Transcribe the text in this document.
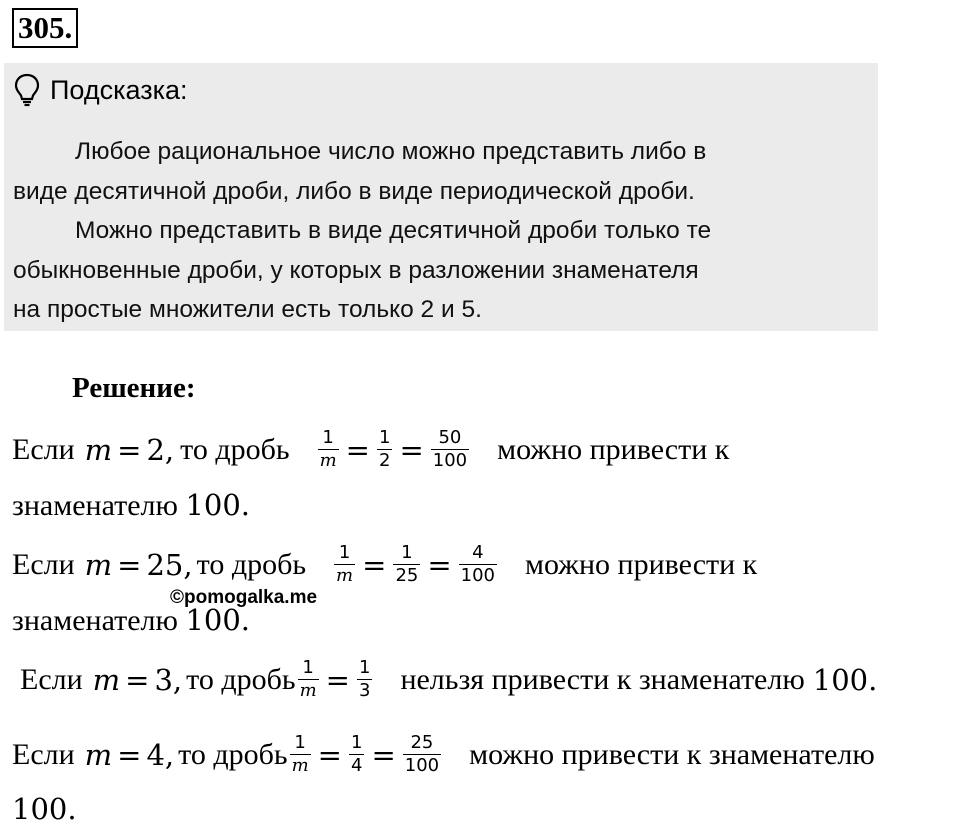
305.
Подсказка:

Любое рациональное число можно представить либо в

виде десятичной дроби, либо в виде периодической дроби.

Можно представить в виде десятичной дроби только те

обыкновенные дроби, у которых в разложении знаменателя

на простые множители есть только 2 и 5.

Решение:
Если m = 2, то дробь $\frac{1}{m} = \frac{1}{2} = \frac{50}{100}$ можно привести к
знаменателю 100.
Если m = 25, то дробь $\frac{1}{m} = \frac{1}{25} = \frac{4}{100}$ можно привести к
©pomogalka.me
знаменателю 100.
Если m = 3, то дробь $\frac{1}{m} = \frac{1}{3}$ нельзя привести к знаменателю 100.
Если m = 4, то дробь $\frac{1}{m} = \frac{1}{4} = \frac{25}{100}$ можно привести к знаменателю
100.
